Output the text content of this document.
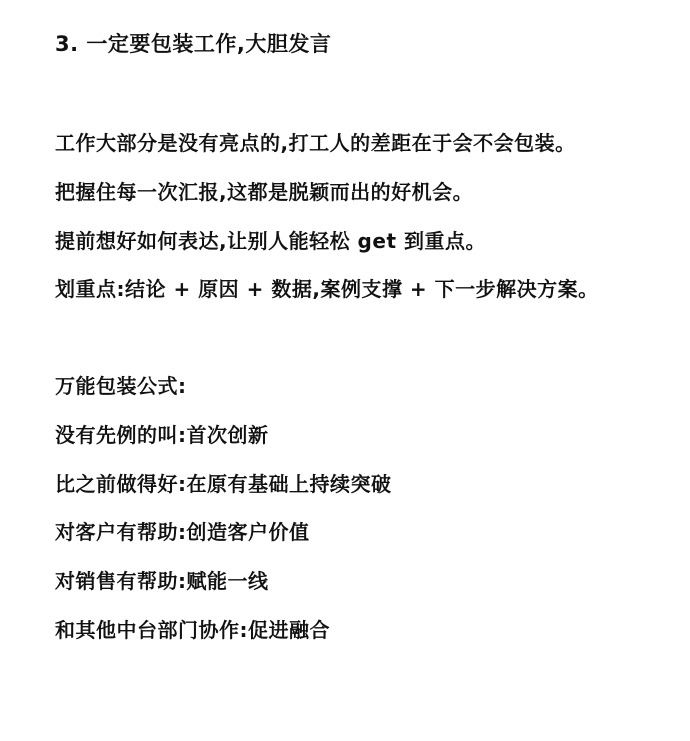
3. 一定要包装工作,大胆发言
工作大部分是没有亮点的,打工人的差距在于会不会包装。
把握住每一次汇报,这都是脱颖而出的好机会。
提前想好如何表达,让别人能轻松 get 到重点。
划重点:结论 + 原因 + 数据,案例支撑 + 下一步解决方案。
万能包装公式:
没有先例的叫:首次创新
比之前做得好:在原有基础上持续突破
对客户有帮助:创造客户价值
对销售有帮助:赋能一线
和其他中台部门协作:促进融合
